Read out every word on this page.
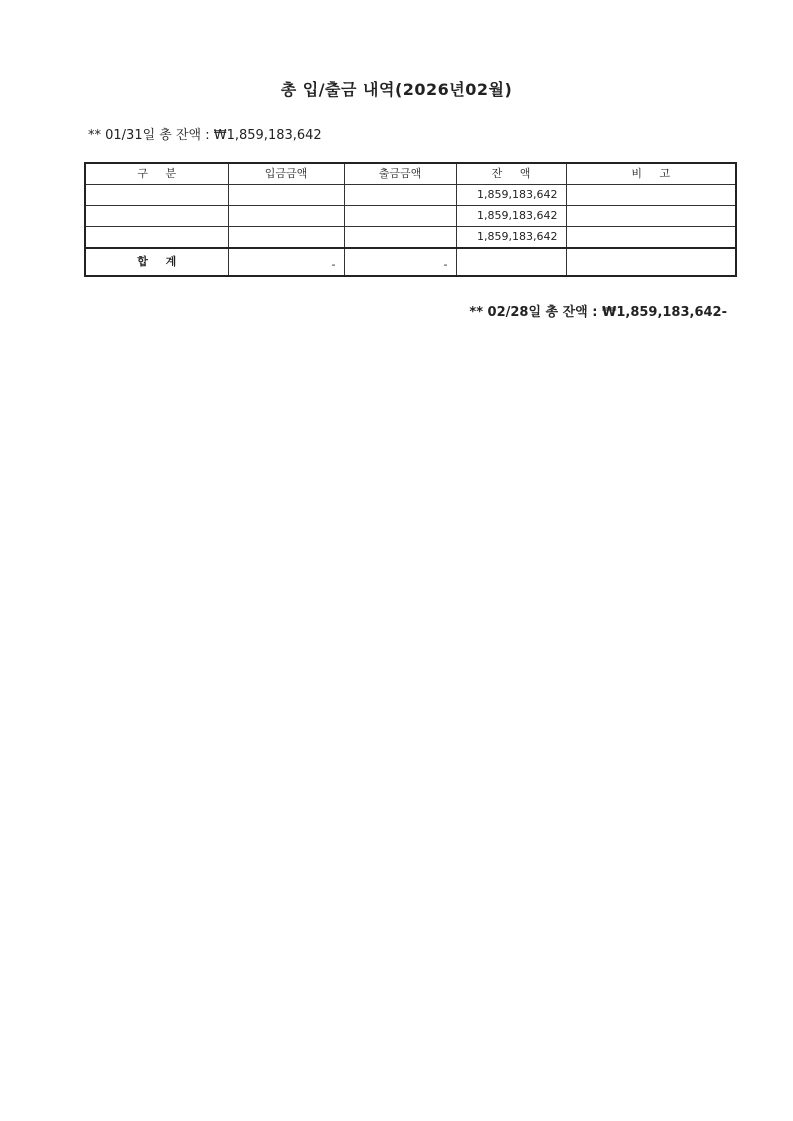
총 입/출금 내역(2026년02월)
** 01/31일 총 잔액 : ₩1,859,183,642
구 분	입금금액	출금금액	잔 액	비 고
			1,859,183,642	
			1,859,183,642	
			1,859,183,642	
합 계	-	-		
** 02/28일 총 잔액 : ₩1,859,183,642-
